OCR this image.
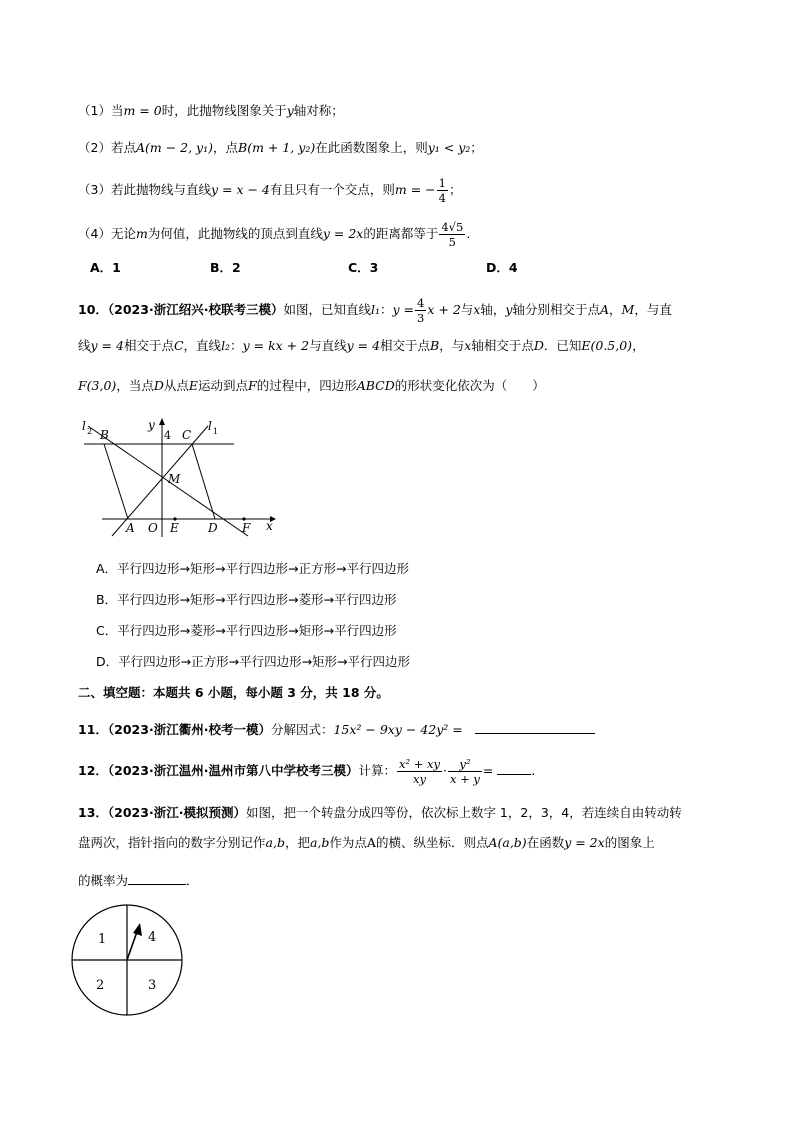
（1）当m = 0时，此抛物线图象关于y轴对称；
（2）若点A(m − 2, y₁)，点B(m + 1, y₂)在此函数图象上，则y₁ < y₂；
（3）若此抛物线与直线y = x − 4有且只有一个交点，则m = − $\frac{1}{4}$ ；
（4）无论m为何值，此抛物线的顶点到直线y = 2x的距离都等于 $\frac{4√5}{5}$ .
A．1	B．2	C．3	D．4
10．（2023·浙江绍兴·校联考三模）如图，已知直线l₁：$y = \frac{4}{3}$ x + 2与x轴，y轴分别相交于点A，M，与直
线y = 4相交于点C，直线l₂：y = kx + 2与直线y = 4相交于点B，与x轴相交于点D．已知E(0.5,0)，
F(3,0)，当点D从点E运动到点F的过程中，四边形ABCD的形状变化依次为（　　）
l 2 B
y
4 C
l 1
M
A O E D F x
A．平行四边形→矩形→平行四边形→正方形→平行四边形
B．平行四边形→矩形→平行四边形→菱形→平行四边形
C．平行四边形→菱形→平行四边形→矩形→平行四边形
D．平行四边形→正方形→平行四边形→矩形→平行四边形
二、填空题：本题共 6 小题，每小题 3 分，共 18 分。
11．（2023·浙江衢州·校考一模）分解因式：15x² − 9xy − 42y² =
12．（2023·浙江温州·温州市第八中学校考三模）计算： $\frac{\text{x² + xy}}{xy} \cdot \frac{\text{y²}}{x + y}$ =	.
13．（2023·浙江·模拟预测）如图，把一个转盘分成四等份，依次标上数字 1，2，3，4，若连续自由转动转
盘两次，指针指向的数字分别记作a,b，把a,b作为点A的横、纵坐标．则点A(a,b)在函数y = 2x的图象上
的概率为	．
1	4
2	3
